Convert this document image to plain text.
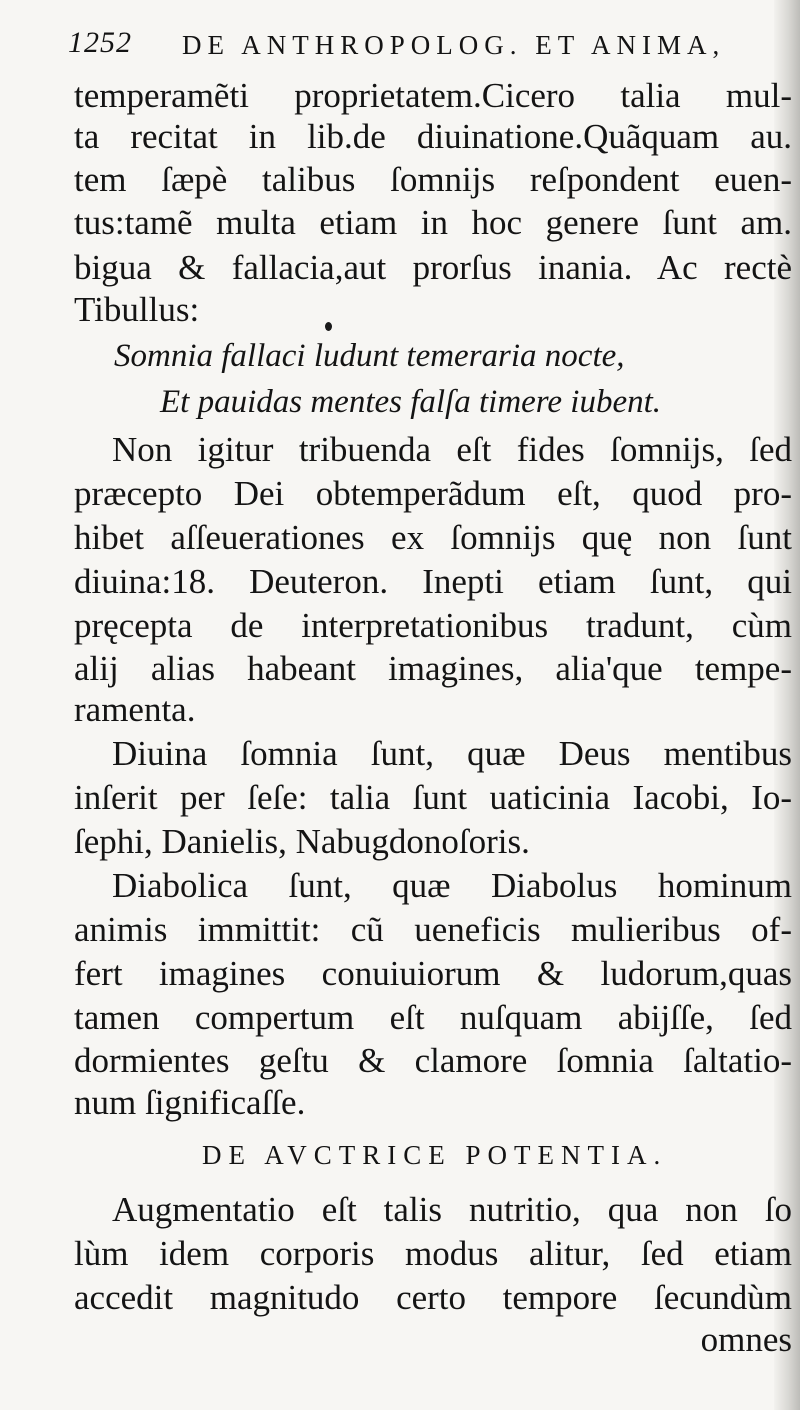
1252 DE ANTHROPOLOG. ET ANIMA,
temperamẽti proprietatem.Cicero talia mul-
ta recitat in lib.de diuinatione.Quãquam au.
tem ſæpè talibus ſomnijs reſpondent euen-
tus:tamẽ multa etiam in hoc genere ſunt am.
bigua & fallacia,aut prorſus inania. Ac rectè
Tibullus:
Somnia fallaci ludunt temeraria nocte,
Et pauidas mentes falſa timere iubent.
Non igitur tribuenda eſt fides ſomnijs, ſed
præcepto Dei obtemperãdum eſt, quod pro-
hibet aſſeuerationes ex ſomnijs quę non ſunt
diuina:18. Deuteron. Inepti etiam ſunt, qui
pręcepta de interpretationibus tradunt, cùm
alij alias habeant imagines, alia'que tempe-
ramenta.
Diuina ſomnia ſunt, quæ Deus mentibus
inſerit per ſeſe: talia ſunt uaticinia Iacobi, Io-
ſephi, Danielis, Nabugdonoſoris.
Diabolica ſunt, quæ Diabolus hominum
animis immittit: cũ ueneficis mulieribus of-
fert imagines conuiuiorum & ludorum,quas
tamen compertum eſt nuſquam abijſſe, ſed
dormientes geſtu & clamore ſomnia ſaltatio-
num ſignificaſſe.
DE AVCTRICE POTENTIA.
Augmentatio eſt talis nutritio, qua non ſo
lùm idem corporis modus alitur, ſed etiam
accedit magnitudo certo tempore ſecundùm
omnes
